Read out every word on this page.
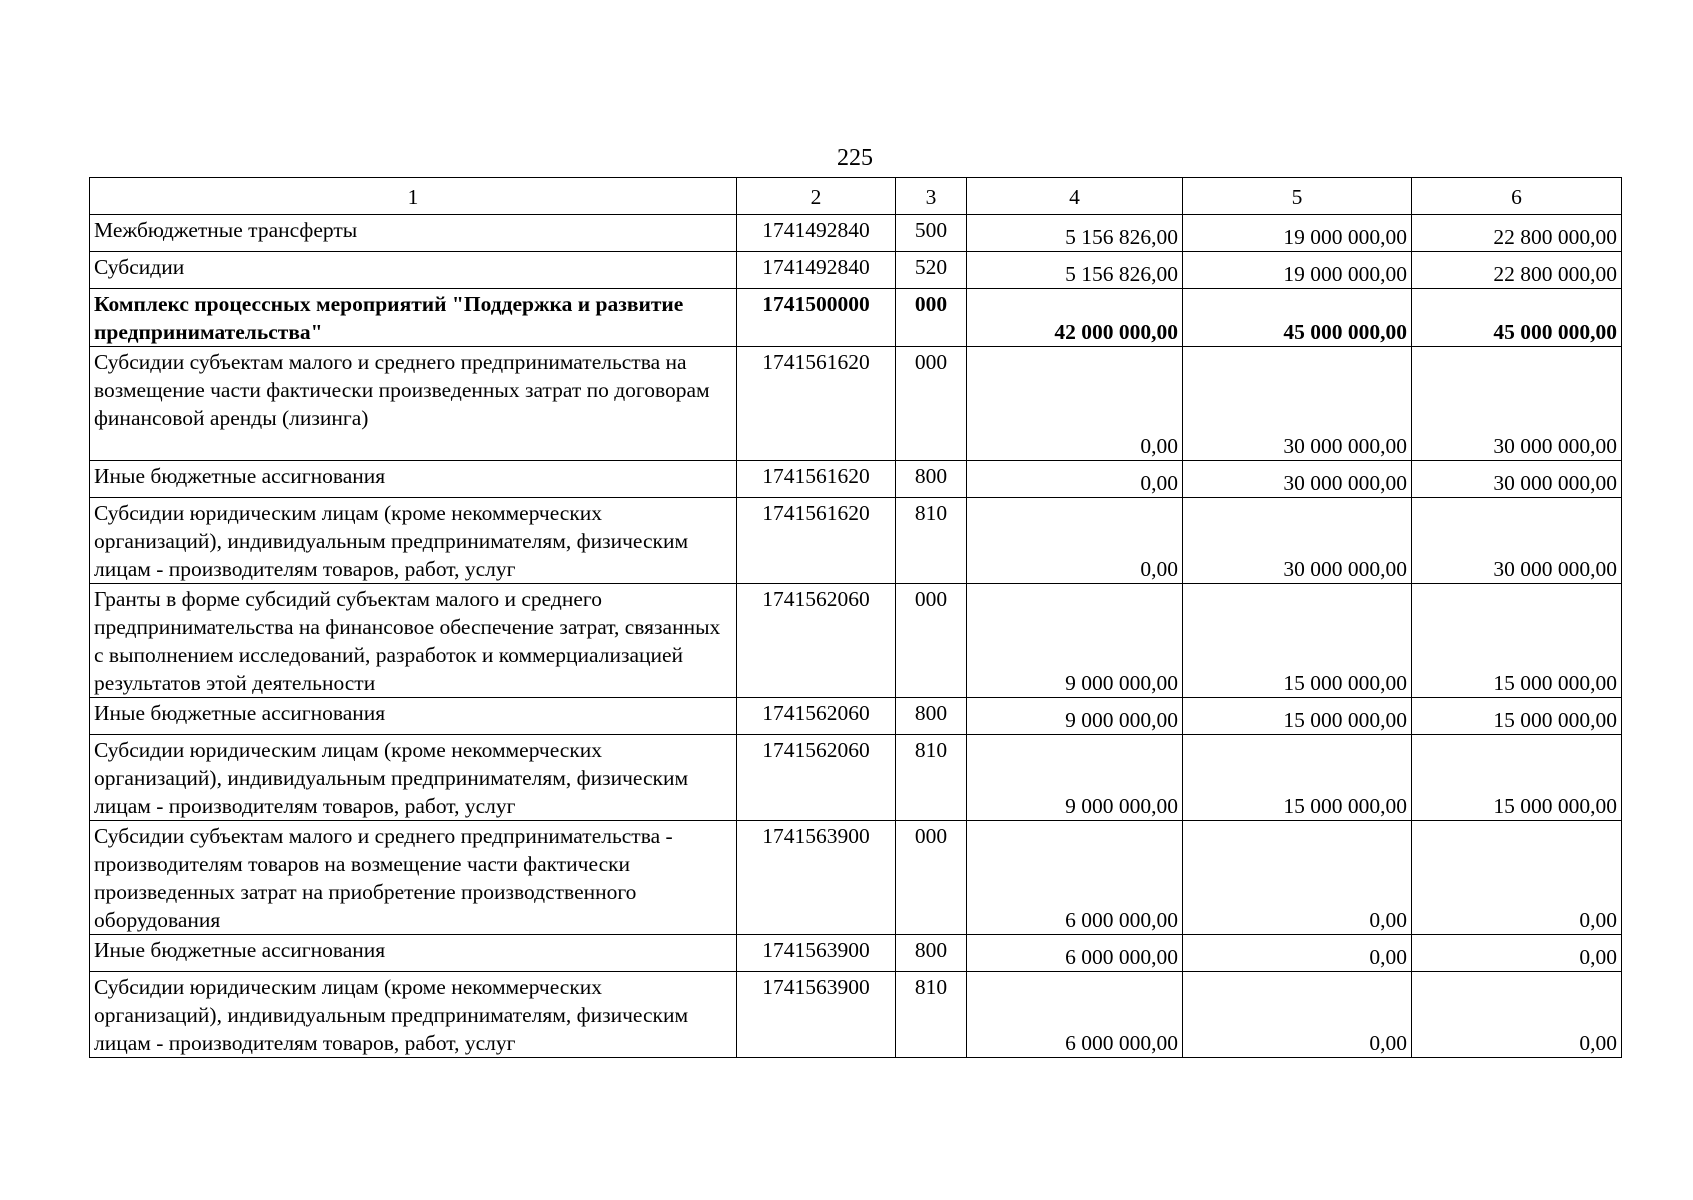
225
1	2	3	4	5	6
Межбюджетные трансферты	1741492840	500	5 156 826,00	19 000 000,00	22 800 000,00
Субсидии	1741492840	520	5 156 826,00	19 000 000,00	22 800 000,00
Комплекс процессных мероприятий "Поддержка и развитие предпринимательства"	1741500000	000	42 000 000,00	45 000 000,00	45 000 000,00
Субсидии субъектам малого и среднего предпринимательства на возмещение части фактически произведенных затрат по договорам финансовой аренды (лизинга)	1741561620	000	0,00	30 000 000,00	30 000 000,00
Иные бюджетные ассигнования	1741561620	800	0,00	30 000 000,00	30 000 000,00
Субсидии юридическим лицам (кроме некоммерческих организаций), индивидуальным предпринимателям, физическим лицам - производителям товаров, работ, услуг	1741561620	810	0,00	30 000 000,00	30 000 000,00
Гранты в форме субсидий субъектам малого и среднего предпринимательства на финансовое обеспечение затрат, связанных с выполнением исследований, разработок и коммерциализацией результатов этой деятельности	1741562060	000	9 000 000,00	15 000 000,00	15 000 000,00
Иные бюджетные ассигнования	1741562060	800	9 000 000,00	15 000 000,00	15 000 000,00
Субсидии юридическим лицам (кроме некоммерческих организаций), индивидуальным предпринимателям, физическим лицам - производителям товаров, работ, услуг	1741562060	810	9 000 000,00	15 000 000,00	15 000 000,00
Субсидии субъектам малого и среднего предпринимательства - производителям товаров на возмещение части фактически произведенных затрат на приобретение производственного оборудования	1741563900	000	6 000 000,00	0,00	0,00
Иные бюджетные ассигнования	1741563900	800	6 000 000,00	0,00	0,00
Субсидии юридическим лицам (кроме некоммерческих организаций), индивидуальным предпринимателям, физическим лицам - производителям товаров, работ, услуг	1741563900	810	6 000 000,00	0,00	0,00
